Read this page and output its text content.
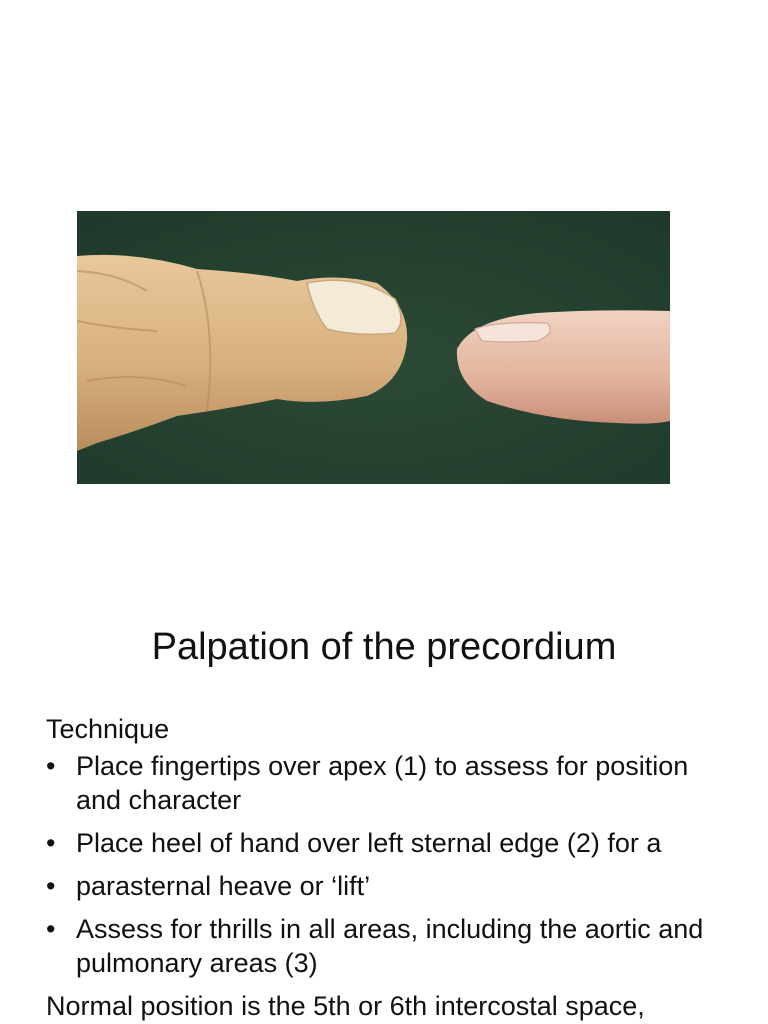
Palpation of the precordium

Technique

• Place fingertips over apex (1) to assess for position and character
• Place heel of hand over left sternal edge (2) for a
• parasternal heave or ‘lift’
• Assess for thrills in all areas, including the aortic and pulmonary areas (3)

Normal position is the 5th or 6th intercostal space,
